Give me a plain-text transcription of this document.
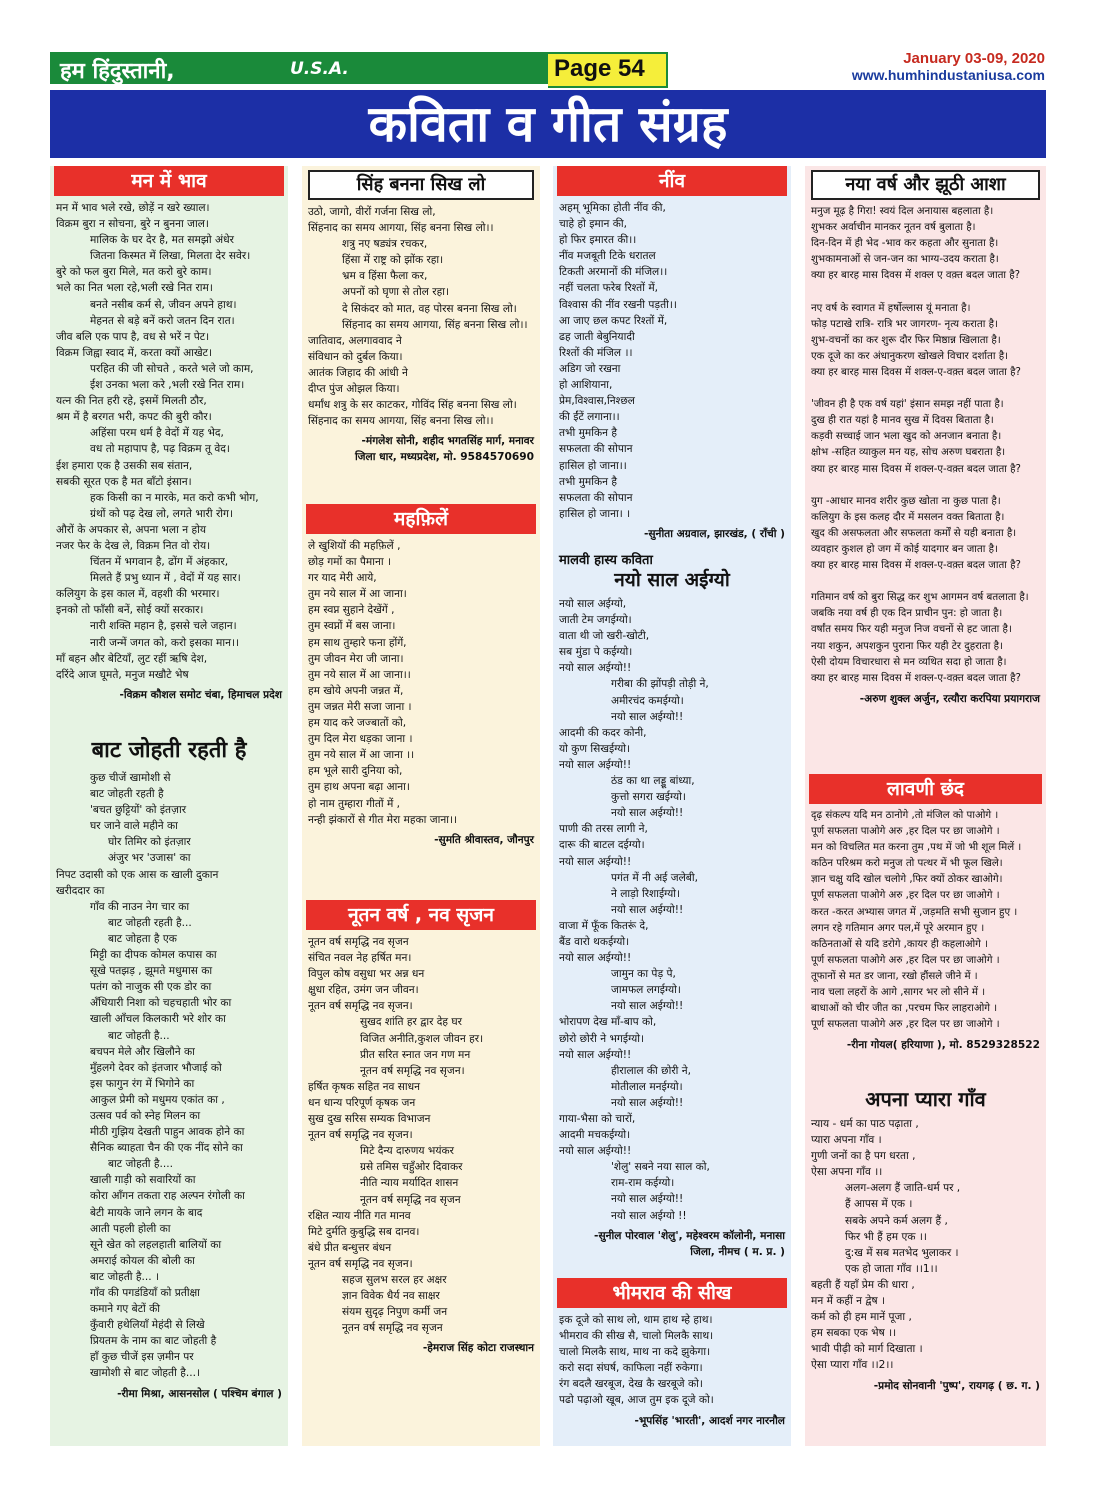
हम हिंदुस्तानी,	U.S.A.	Page 54	January 03-09, 2020
www.humhindustaniusa.com
कविता व गीत संग्रह
मन में भाव
मन में भाव भले रखे, छोड़ें न खरे ख्याल।
विक्रम बुरा न सोचना, बुरे न बुनना जाल।
मालिक के घर देर है, मत समझो अंधेर
जितना किस्मत में लिखा, मिलता देर सवेर।
बुरे को फल बुरा मिले, मत करो बुरे काम।
भले का नित भला रहे,भली रखे नित राम।
बनते नसीब कर्म से, जीवन अपने हाथ।
मेहनत से बड़े बनें करो जतन दिन रात।
जीव बलि एक पाप है, वध से भरें न पेट।
विक्रम जिह्वा स्वाद में, करता क्यों आखेट।
परहित की जी सोचते , करते भले जो काम,
ईश उनका भला करे ,भली रखे नित राम।
यत्न की नित हरी रहे, इसमें मिलती ठौर,
श्रम में है बरगत भरी, कपट की बुरी कौर।
अहिंसा परम धर्म है वेदों में यह भेद,
वध तो महापाप है, पढ़ विक्रम तू वेद।
ईश हमारा एक है उसकी सब संतान,
सबकी सूरत एक है मत बाँटो इंसान।
हक किसी का न मारके, मत करो कभी भोग,
ग्रंथों को पढ़ देख लो, लगते भारी रोग।
औरों के अपकार से, अपना भला न होय
नजर फेर के देख ले, विक्रम नित वो रोय।
चिंतन में भगवान है, ढोंग में अंहकार,
मिलते हैं प्रभु ध्यान में , वेदों में यह सार।
कलियुग के इस काल में, वहशी की भरमार।
इनको तो फाँसी बनें, सोई क्यों सरकार।
नारी शक्ति महान है, इससे चले जहान।
नारी जन्में जगत को, करो इसका मान।।
माँ बहन और बेटियाँ, लुट रहीं ऋषि देश,
दरिंदे आज घूमते, मनुज मखौटे भेष
-विक्रम कौशल समोट चंबा, हिमाचल प्रदेश
बाट जोहती रहती है
कुछ चीजें खामोशी से
बाट जोहती रहती है
'बचत छुट्टियों' को इंतज़ार
घर जाने वाले महीने का
घोर तिमिर को इंतज़ार
अंजुर भर 'उजास' का
निपट उदासी को एक आस क खाली दुकान
खरीददार का
गाँव की नाउन नेग चार का
बाट जोहती रहती है...
बाट जोहता है एक
मिट्टी का दीपक कोमल कपास का
सूखे पतझड़ , झूमते मधुमास का
पतंग को नाजुक सी एक डोर का
अँधियारी निशा को चहचहाती भोर का
खाली आँचल किलकारी भरे शोर का
बाट जोहती है...
बचपन मेले और खिलौने का
मुँहलगे देवर को इंतजार भौजाई को
इस फागुन रंग में भिगोने का
आकुल प्रेमी को मधुमय एकांत का ,
उत्सव पर्व को स्नेह मिलन का
मीठी गुझिय देखती पाहुन आवक होने का
सैनिक ब्याहता चैन की एक नींद सोने का
बाट जोहती है....
खाली गाड़ी को सवारियों का
कोरा आँगन तकता राह अल्पन रंगोली का
बेटी मायके जाने लगन के बाद
आती पहली होली का
सूने खेत को लहलहाती बालियों का
अमराई कोयल की बोली का
बाट जोहती है... ।
गाँव की पगडंडियाँ को प्रतीक्षा
कमाने गए बेटों की
कुँवारी हथेलियाँ मेहंदी से लिखे
प्रियतम के नाम का बाट जोहती है
हाँ कुछ चीजें इस ज़मीन पर
खामोशी से बाट जोहती है...।
-रीमा मिश्रा, आसनसोल ( पश्चिम बंगाल )
सिंह बनना सिख लो
उठो, जागो, वीरों गर्जना सिख लो,
सिंहनाद का समय आगया, सिंह बनना सिख लो।।
शत्रु नए षड्यंत्र रचकर,
हिंसा में राष्ट्र को झोंक रहा।
भ्रम व हिंसा फैला कर,
अपनों को घृणा से तोल रहा।
दे सिकंदर को मात, वह पोरस बनना सिख लो।
सिंहनाद का समय आगया, सिंह बनना सिख लो।।
जातिवाद, अलगाववाद ने
संविधान को दुर्बल किया।
आतंक जिहाद की आंधी ने
दीप्त पुंज ओझल किया।
धर्मांध शत्रु के सर काटकर, गोविंद सिंह बनना सिख लो।
सिंहनाद का समय आगया, सिंह बनना सिख लो।।
-मंगलेश सोनी, शहीद भगतसिंह मार्ग, मनावर
जिला धार, मध्यप्रदेश, मो. 9584570690
महफ़िलें
ले खुशियों की महफ़िलें ,
छोड़ गमों का पैमाना ।
गर याद मेरी आये,
तुम नये साल में आ जाना।
हम स्वप्न सुहाने देखेंगें ,
तुम स्वप्नों में बस जाना।
हम साथ तुम्हारे फना होंगें,
तुम जीवन मेरा जी जाना।
तुम नये साल में आ जाना।।
हम खोये अपनी जन्नत में,
तुम जन्नत मेरी सजा जाना ।
हम याद करे जज्बातों को,
तुम दिल मेरा धड़का जाना ।
तुम नये साल में आ जाना ।।
हम भूले सारी दुनिया को,
तुम हाथ अपना बढ़ा आना।
हो नाम तुम्हारा गीतों में ,
नन्ही झंकारों से गीत मेरा महका जाना।।
-सुमति श्रीवास्तव, जौनपुर
नूतन वर्ष , नव सृजन
नूतन वर्ष समृद्धि नव सृजन
संचित नवल नेह हर्षित मन।
विपुल कोष वसुधा भर अन्न धन
क्षुधा रहित, उमंग जन जीवन।
नूतन वर्ष समृद्धि नव सृजन।
सुखद शांति हर द्वार देह घर
विजित अनीति,कुशल जीवन हर।
प्रीत सरित स्नात जन गण मन
नूतन वर्ष समृद्धि नव सृजन।
हर्षित कृषक सहित नव साधन
धन धान्य परिपूर्ण कृषक जन
सुख दुख सरिस सम्यक विभाजन
नूतन वर्ष समृद्धि नव सृजन।
मिटे दैन्य दारुणय भयंकर
ग्रसे तमिस चहुँओर दिवाकर
नीति न्याय मर्यादित शासन
नूतन वर्ष समृद्धि नव सृजन
रक्षित न्याय नीति गत मानव
मिटे दुर्मति कुबुद्धि सब दानव।
बंधे प्रीत बन्धुत्तर बंधन
नूतन वर्ष समृद्धि नव सृजन।
सहज सुलभ सरल हर अक्षर
ज्ञान विवेक धैर्य नव साक्षर
संयम सुदृढ़ निपुण कर्मी जन
नूतन वर्ष समृद्धि नव सृजन
-हेमराज सिंह कोटा राजस्थान
नींव
अहम् भूमिका होती नींव की,
चाहे हो इमान की,
हो फिर इमारत की।।
नींव मजबूती टिके धरातल
टिकती अरमानों की मंजिल।।
नहीं चलता फरेब रिश्तों में,
विश्वास की नींव रखनी पड़ती।।
आ जाए छल कपट रिश्तों में,
ढह जाती बेबुनियादी
रिश्तों की मंजिल ।।
अडिग जो रखना
हो आशियाना,
प्रेम,विश्वास,निश्छल
की ईंटें लगाना।।
तभी मुमकिन है
सफलता की सोपान
हासिल हो जाना।।
तभी मुमकिन है
सफलता की सोपान
हासिल हो जाना। ।
-सुनीता अग्रवाल, झारखंड, ( राँची )
मालवी हास्य कविता
नयो साल अईग्यो
नयो साल अईग्यो,
जाती टेम जगईग्यो।
वाता थी जो खरी-खोटी,
सब मुंडा पे कईग्यो।
नयो साल अईग्यो!!
गरीबा की झोंपड़ी तोड़ी ने,
अमीरचंद कमईग्यो।
नयो साल अईग्यो!!
आदमी की कदर कोनी,
यो कुण सिखईग्यो।
नयो साल अईग्यो!!
ठंड का था लड्डू बांध्या,
कुत्तो सगरा खईग्यो।
नयो साल अईग्यो!!
पाणी की तरस लागी ने,
दारू की बाटल दईग्यो।
नयो साल अईग्यो!!
पगंत में नी अई जलेबी,
ने लाड़ो रिशाईग्यो।
नयो साल अईग्यो!!
वाजा में फूँक कितरूं दे,
बैंड वारो थकईग्यो।
नयो साल अईग्यो!!
जामुन का पेड़ पे,
जामफल लगईग्यो।
नयो साल अईग्यो!!
भोरापण देख माँ-बाप को,
छोरो छोरी ने भगईग्यो।
नयो साल अईग्यो!!
हीरालाल की छोरी ने,
मोतीलाल मनईग्यो।
नयो साल अईग्यो!!
गाया-भैसा को चारों,
आदमी मचकईग्यो।
नयो साल अईग्यो!!
'शेलु' सबने नया साल को,
राम-राम कईग्यो।
नयो साल अईग्यो!!
नयो साल अईग्यो !!
-सुनील पोरवाल 'शेलु', महेश्वरम कॉलोनी, मनासा
जिला, नीमच ( म. प्र. )
भीमराव की सीख
इक दूजे को साथ लो, थाम हाथ म्हे हाथ।
भीमराव की सीख सै, चालो मिलकै साथ।
चालो मिलकै साथ, माथ ना कदे झुकेगा।
करो सदा संघर्ष, काफिला नहीं रुकेगा।
रंग बदलै खरबूज, देख कै खरबूजे को।
पढो पढ़ाओ खूब, आज तुम इक दूजे को।
-भूपसिंह 'भारती', आदर्श नगर नारनौल
नया वर्ष और झूठी आशा
मनुज मूढ़ है गिरा! स्वयं दिल अनायास बहलाता है।
शुभकर अर्वाचीन मानकर नूतन वर्ष बुलाता है।
दिन-दिन में ही भेद -भाव कर कहता और सुनाता है।
शुभकामनाओं से जन-जन का भाग्य-उदय कराता है।
क्या हर बारह मास दिवस में शक्ल ए वक़्त बदल जाता है?

नए वर्ष के स्वागत में हर्षोल्लास यूं मनाता है।
फोड़ पटाखे रात्रि- रात्रि भर जागरण- नृत्य कराता है।
शुभ-वचनों का कर शुरू दौर फिर मिष्ठान्न खिलाता है।
एक दूजे का कर अंधानुकरण खोखले विचार दर्शाता है।
क्या हर बारह मास दिवस में शक्ल-ए-वक़्त बदल जाता है?

'जीवन ही है एक वर्ष यहां' इंसान समझ नहीं पाता है।
दुख ही रात यहां है मानव सुख में दिवस बिताता है।
कड़वी सच्चाई जान भला खुद को अनजान बनाता है।
क्षोभ -सहित व्याकुल मन यह, सोच अरुण घबराता है।
क्या हर बारह मास दिवस में शक्ल-ए-वक़्त बदल जाता है?

युग -आधार मानव शरीर कुछ खोता ना कुछ पाता है।
कलियुग के इस कलह दौर में मसलन वक्त बिताता है।
खुद की असफलता और सफलता कर्मों से यही बनाता है।
व्यवहार कुशल हो जग में कोई यादगार बन जाता है।
क्या हर बारह मास दिवस में शक्ल-ए-वक़्त बदल जाता है?

गतिमान वर्ष को बुरा सिद्ध कर शुभ आगमन वर्ष बतलाता है।
जबकि नया वर्ष ही एक दिन प्राचीन पुन: हो जाता है।
वर्षांत समय फिर यही मनुज निज वचनों से हट जाता है।
नया शकुन, अपशकुन पुराना फिर यही टेर दुहराता है।
ऐसी दोयम विचारधारा से मन व्यथित सदा हो जाता है।
क्या हर बारह मास दिवस में शक्ल-ए-वक़्त बदल जाता है?
-अरुण शुक्ल अर्जुन, रत्यौरा करपिया प्रयागराज
लावणी छंद
दृढ़ संकल्प यदि मन ठानोगे ,तो मंजिल को पाओगे ।
पूर्ण सफलता पाओगे अरु ,हर दिल पर छा जाओगे ।
मन को विचलित मत करना तुम ,पथ में जो भी शूल मिलें ।
कठिन परिश्रम करो मनुज तो पत्थर में भी फूल खिले।
ज्ञान चक्षु यदि खोल चलोगे ,फिर क्यों ठोकर खाओगे।
पूर्ण सफलता पाओगे अरु ,हर दिल पर छा जाओगे ।
करत -करत अभ्यास जगत में ,जड़मति सभी सुजान हुए ।
लगन रहे गतिमान अगर पल,में पूरे अरमान हुए ।
कठिनताओं से यदि डरोगे ,कायर ही कहलाओगे ।
पूर्ण सफलता पाओगे अरु ,हर दिल पर छा जाओगे ।
तूफानों से मत डर जाना, रखो हौंसले जीने में ।
नाव चला लहरों के आगे ,सागर भर लो सीने में ।
बाधाओं को चीर जीत का ,परचम फिर लाहराओगे ।
पूर्ण सफलता पाओगे अरु ,हर दिल पर छा जाओगे ।
-रीना गोयल( हरियाणा ), मो. 8529328522
अपना प्यारा गाँव
न्याय - धर्म का पाठ पढ़ाता ,
प्यारा अपना गाँव ।
गुणी जनों का है पग धरता ,
ऐसा अपना गाँव ।।
अलग-अलग हैं जाति-धर्म पर ,
हैं आपस में एक ।
सबके अपने कर्म अलग हैं ,
फिर भी हैं हम एक ।।
दु:ख में सब मतभेद भुलाकर ।
एक हो जाता गाँव ।।1।।
बहती हैं यहाँ प्रेम की धारा ,
मन में कहीं न द्वेष ।
कर्म को ही हम मानें पूजा ,
हम सबका एक भेष ।।
भावी पीढ़ी को मार्ग दिखाता ।
ऐसा प्यारा गाँव ।।2।।
-प्रमोद सोनवानी 'पुष्प', रायगढ़ ( छ. ग. )
